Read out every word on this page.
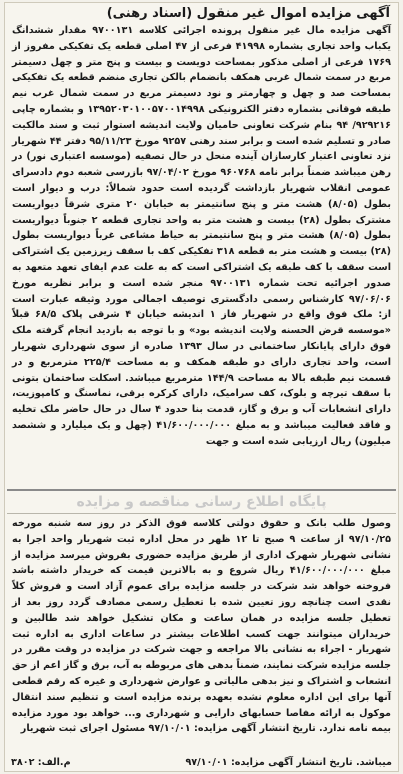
آگهی مزایده اموال غیر منقول (اسناد رهنی)

آگهی مزایده مال غیر منقول پرونده اجرائی کلاسه ۹۷۰۰۱۳۱ مقدار ششدانگ یکباب واحد تجاری بشماره ۴۱۹۹۸ فرعی از ۴۷ اصلی قطعه یک تفکیکی مفروز از ۱۷۶۹ فرعی از اصلی مذکور بمساحت دویست و بیست و پنج متر و چهل دسیمتر مربع در سمت شمال غربی همکف بانضمام بالکن تجاری منضم قطعه یک تفکیکی بمساحت صد و چهل و چهارمتر و نود دسیمتر مربع در سمت شمال غرب نیم طبقه فوقانی بشماره دفتر الکترونیکی ۱۳۹۵۲۰۳۰۱۰۰۵۷۰۰۱۴۹۹۸ و بشماره چاپی ۹۲۹۲۱۶/ ۹۴ بنام شرکت تعاونی حامیان ولایت اندیشه استوار ثبت و سند مالکیت صادر و تسلیم شده است و برابر سند رهنی ۹۲۵۷ مورخ ۹۵/۱۱/۲۳ دفتر ۴۴ شهریار نزد تعاونی اعتبار کارسازان آینده منحل در حال تصفیه (موسسه اعتباری نور) در رهن میباشد ضمناً برابر نامه ۹۶۰۷۶۸ مورخ ۹۷/۰۴/۰۲ بازرسی شعبه دوم دادسرای عمومی انقلاب شهریار بازداشت گردیده است حدود شمالاً: درب و دیوار است بطول (۸/۰۵) هشت متر و پنج سانتیمتر به خیابان ۲۰ متری شرقاً دیواریست مشترک بطول (۲۸) بیست و هشت متر به واحد تجاری قطعه ۲ جنوباً دیواریست بطول (۸/۰۵) هشت متر و پنج سانتیمتر به حیاط مشاعی غرباً دیواریست بطول (۲۸) بیست و هشت متر به قطعه ۳۱۸ تفکیکی کف با سقف زیرزمین یک اشتراکی است سقف با کف طبقه یک اشتراکی است که به علت عدم ایفای تعهد متعهد به صدور اجرائیه تحت شماره ۹۷۰۰۱۳۱ منجر شده است و برابر نظریه مورخ ۹۷/۰۶/۰۶ کارشناس رسمی دادگستری توصیف اجمالی مورد وثیقه عبارت است از: ملک فوق واقع در شهریار فاز ۱ اندیشه خیابان ۴ شرقی پلاک ۶۸/۵ قبلاً «موسسه قرض الحسنه ولایت اندیشه بود» و با توجه به بازدید انجام گرفته ملک فوق دارای پایانکار ساختمانی در سال ۱۳۹۳ صادره از سوی شهرداری شهریار است، واحد تجاری دارای دو طبقه همکف و به مساحت ۲۲۵/۴ مترمربع و در قسمت نیم طبقه بالا به مساحت ۱۴۴/۹ مترمربع میباشد. اسکلت ساختمان بتونی با سقف تیرچه و بلوک، کف سرامیک، دارای کرکره برقی، نماسنگ و کامپوزیت، دارای انشعابات آب و برق و گاز، قدمت بنا حدود ۴ سال در حال حاضر ملک تخلیه و فاقد فعالیت میباشد و به مبلغ ۴۱/۶۰۰/۰۰۰/۰۰۰ (چهل و یک میلیارد و ششصد میلیون) ریال ارزیابی شده است و جهت

پایگاه اطلاع رسانی مناقصه و مزایده

وصول طلب بانک و حقوق دولتی کلاسه فوق الذکر در روز سه شنبه مورخه ۹۷/۱۰/۲۵ از ساعت ۹ صبح تا ۱۲ ظهر در محل اداره ثبت شهریار واحد اجرا به نشانی شهریار شهرک اداری از طریق مزایده حضوری بفروش میرسد مزایده از مبلغ ۴۱/۶۰۰/۰۰۰/۰۰۰ ریال شروع و به بالاترین قیمت که خریدار داشته باشد فروخته خواهد شد شرکت در جلسه مزایده برای عموم آزاد است و فروش کلاً نقدی است چنانچه روز تعیین شده با تعطیل رسمی مصادف گردد روز بعد از تعطیل جلسه مزایده در همان ساعت و مکان تشکیل خواهد شد طالبین و خریداران میتوانند جهت کسب اطلاعات بیشتر در ساعات اداری به اداره ثبت شهریار - اجراء به نشانی بالا مراجعه و جهت شرکت در مزایده در وقت مقرر در جلسه مزایده شرکت نمایند، ضمناً بدهی های مربوطه به آب، برق و گاز اعم از حق انشعاب و اشتراک و نیز بدهی مالیاتی و عوارض شهرداری و غیره که رقم قطعی آنها برای این اداره معلوم نشده بعهده برنده مزایده است و تنظیم سند انتقال موکول به ارائه مفاصا حسابهای دارایی و شهرداری و... خواهد بود مورد مزایده بیمه نامه ندارد. تاریخ انتشار آگهی مزایده: ۹۷/۱۰/۰۱ مسئول اجرای ثبت شهریار

میباشد. تاریخ انتشار آگهی مزایده: ۹۷/۱۰/۰۱
م.الف: ۳۸۰۲
